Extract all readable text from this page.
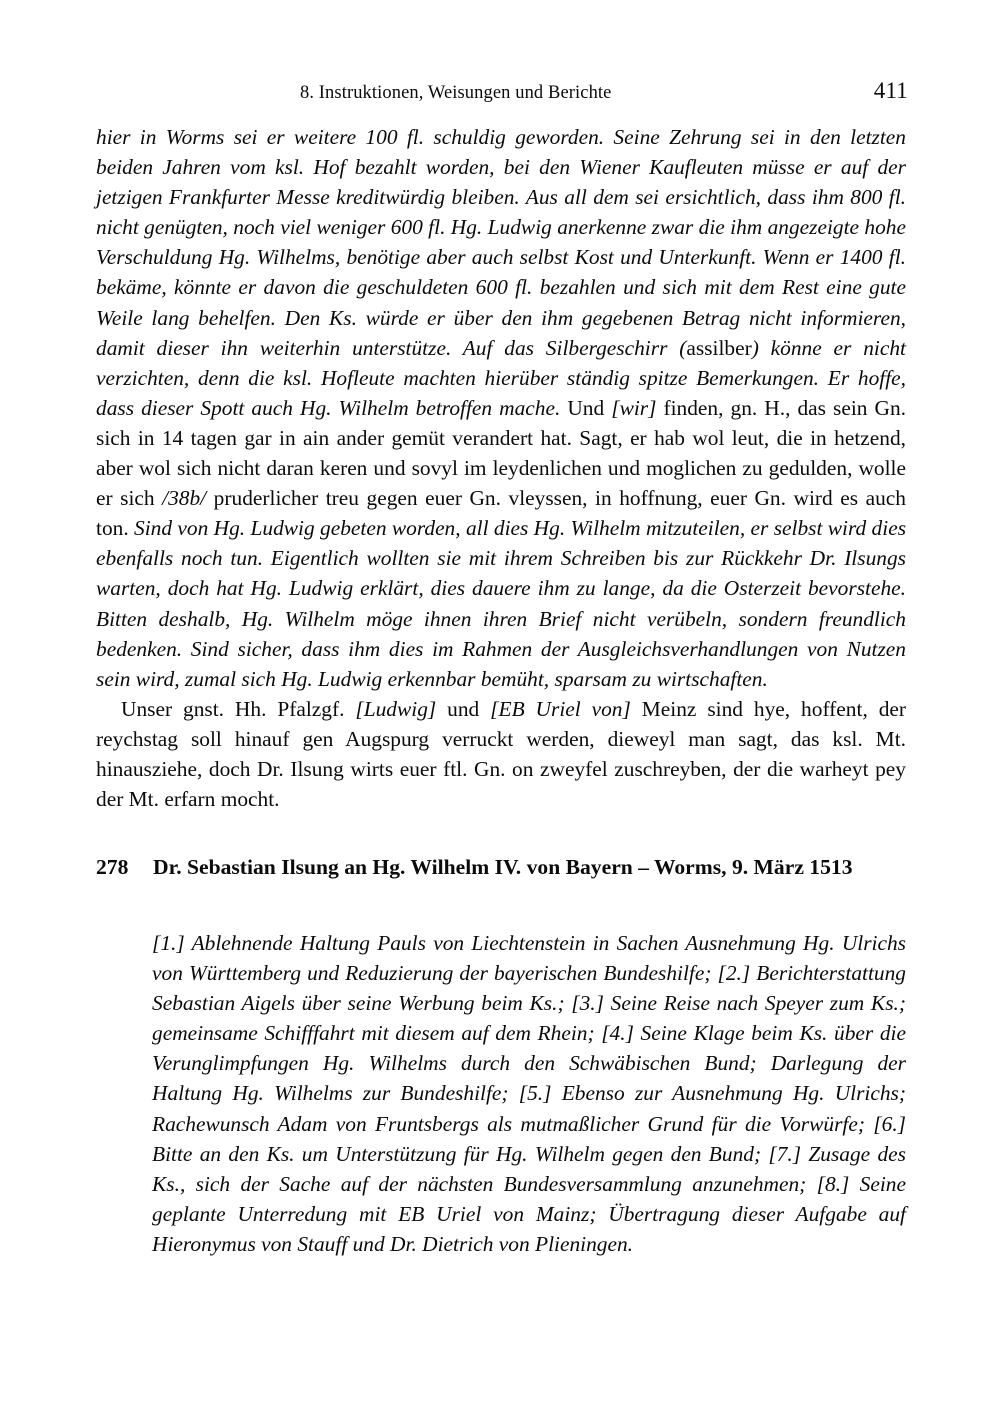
8. Instruktionen, Weisungen und Berichte	411

hier in Worms sei er weitere 100 fl. schuldig geworden. Seine Zehrung sei in den letzten beiden Jahren vom ksl. Hof bezahlt worden, bei den Wiener Kaufleuten müsse er auf der jetzigen Frankfurter Messe kreditwürdig bleiben. Aus all dem sei ersichtlich, dass ihm 800 fl. nicht genügten, noch viel weniger 600 fl. Hg. Ludwig anerkenne zwar die ihm angezeigte hohe Verschuldung Hg. Wilhelms, benötige aber auch selbst Kost und Unterkunft. Wenn er 1400 fl. bekäme, könnte er davon die geschuldeten 600 fl. bezahlen und sich mit dem Rest eine gute Weile lang behelfen. Den Ks. würde er über den ihm gegebenen Betrag nicht informieren, damit dieser ihn weiterhin unterstütze. Auf das Silbergeschirr (assilber) könne er nicht verzichten, denn die ksl. Hofleute machten hierüber ständig spitze Bemerkungen. Er hoffe, dass dieser Spott auch Hg. Wilhelm betroffen mache. Und [wir] finden, gn. H., das sein Gn. sich in 14 tagen gar in ain ander gemüt verandert hat. Sagt, er hab wol leut, die in hetzend, aber wol sich nicht daran keren und sovyl im leydenlichen und moglichen zu gedulden, wolle er sich /38b/ pruderlicher treu gegen euer Gn. vleyssen, in hoffnung, euer Gn. wird es auch ton. Sind von Hg. Ludwig gebeten worden, all dies Hg. Wilhelm mitzuteilen, er selbst wird dies ebenfalls noch tun. Eigentlich wollten sie mit ihrem Schreiben bis zur Rückkehr Dr. Ilsungs warten, doch hat Hg. Ludwig erklärt, dies dauere ihm zu lange, da die Osterzeit bevorstehe. Bitten deshalb, Hg. Wilhelm möge ihnen ihren Brief nicht verübeln, sondern freundlich bedenken. Sind sicher, dass ihm dies im Rahmen der Ausgleichsverhandlungen von Nutzen sein wird, zumal sich Hg. Ludwig erkennbar bemüht, sparsam zu wirtschaften.

Unser gnst. Hh. Pfalzgf. [Ludwig] und [EB Uriel von] Meinz sind hye, hoffent, der reychstag soll hinauf gen Augspurg verruckt werden, dieweyl man sagt, das ksl. Mt. hinausziehe, doch Dr. Ilsung wirts euer ftl. Gn. on zweyfel zuschreyben, der die warheyt pey der Mt. erfarn mocht.

278	Dr. Sebastian Ilsung an Hg. Wilhelm IV. von Bayern – Worms, 9. März 1513

[1.] Ablehnende Haltung Pauls von Liechtenstein in Sachen Ausnehmung Hg. Ulrichs von Württemberg und Reduzierung der bayerischen Bundeshilfe; [2.] Berichterstattung Sebastian Aigels über seine Werbung beim Ks.; [3.] Seine Reise nach Speyer zum Ks.; gemeinsame Schifffahrt mit diesem auf dem Rhein; [4.] Seine Klage beim Ks. über die Verunglimpfungen Hg. Wilhelms durch den Schwäbischen Bund; Darlegung der Haltung Hg. Wilhelms zur Bundeshilfe; [5.] Ebenso zur Ausnehmung Hg. Ulrichs; Rachewunsch Adam von Fruntsbergs als mutmaßlicher Grund für die Vorwürfe; [6.] Bitte an den Ks. um Unterstützung für Hg. Wilhelm gegen den Bund; [7.] Zusage des Ks., sich der Sache auf der nächsten Bundesversammlung anzunehmen; [8.] Seine geplante Unterredung mit EB Uriel von Mainz; Übertragung dieser Aufgabe auf Hieronymus von Stauff und Dr. Dietrich von Plieningen.
